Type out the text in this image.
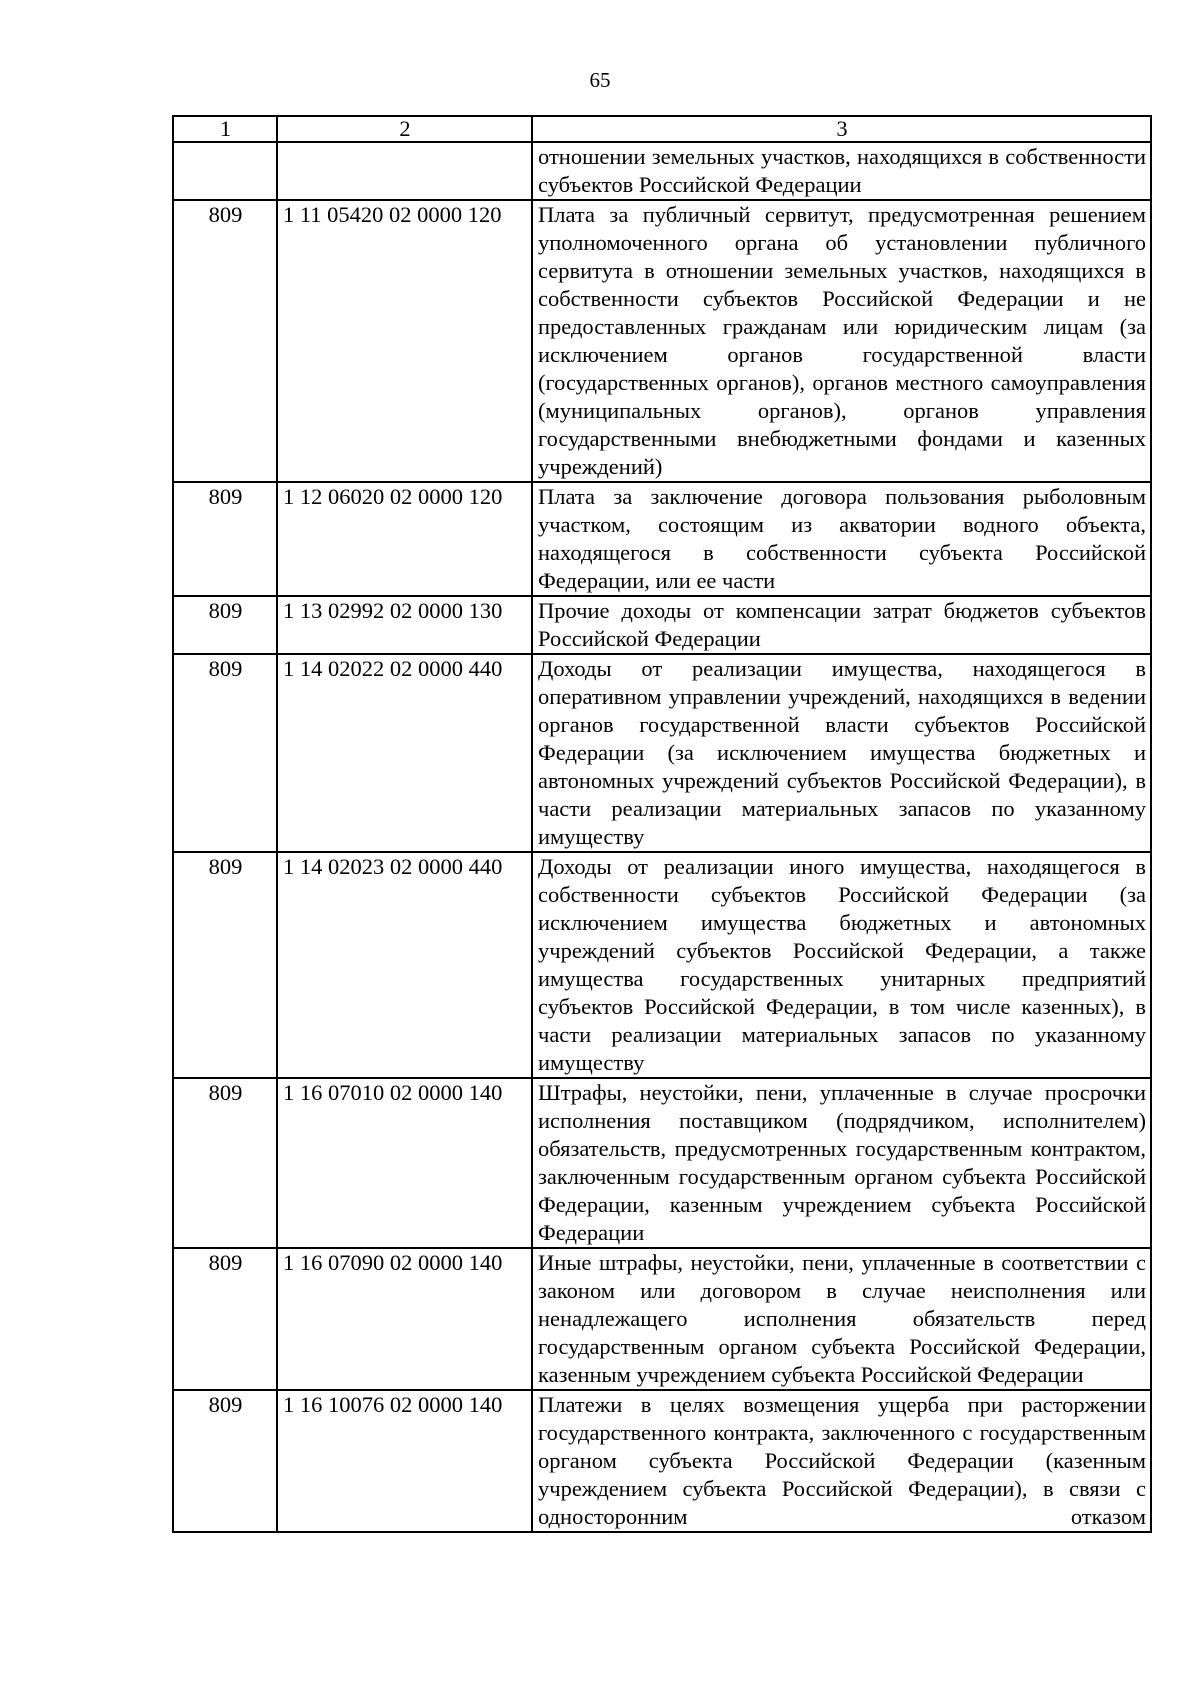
65
1	2	3
		отношении земельных участков, находящихся в собственности субъектов Российской Федерации
809	1 11 05420 02 0000 120	Плата за публичный сервитут, предусмотренная решением уполномоченного органа об установлении публичного сервитута в отношении земельных участков, находящихся в собственности субъектов Российской Федерации и не предоставленных гражданам или юридическим лицам (за исключением органов государственной власти (государственных органов), органов местного самоуправления (муниципальных органов), органов управления государственными внебюджетными фондами и казенных учреждений)
809	1 12 06020 02 0000 120	Плата за заключение договора пользования рыболовным участком, состоящим из акватории водного объекта, находящегося в собственности субъекта Российской Федерации, или ее части
809	1 13 02992 02 0000 130	Прочие доходы от компенсации затрат бюджетов субъектов Российской Федерации
809	1 14 02022 02 0000 440	Доходы от реализации имущества, находящегося в оперативном управлении учреждений, находящихся в ведении органов государственной власти субъектов Российской Федерации (за исключением имущества бюджетных и автономных учреждений субъектов Российской Федерации), в части реализации материальных запасов по указанному имуществу
809	1 14 02023 02 0000 440	Доходы от реализации иного имущества, находящегося в собственности субъектов Российской Федерации (за исключением имущества бюджетных и автономных учреждений субъектов Российской Федерации, а также имущества государственных унитарных предприятий субъектов Российской Федерации, в том числе казенных), в части реализации материальных запасов по указанному имуществу
809	1 16 07010 02 0000 140	Штрафы, неустойки, пени, уплаченные в случае просрочки исполнения поставщиком (подрядчиком, исполнителем) обязательств, предусмотренных государственным контрактом, заключенным государственным органом субъекта Российской Федерации, казенным учреждением субъекта Российской Федерации
809	1 16 07090 02 0000 140	Иные штрафы, неустойки, пени, уплаченные в соответствии с законом или договором в случае неисполнения или ненадлежащего исполнения обязательств перед государственным органом субъекта Российской Федерации, казенным учреждением субъекта Российской Федерации
809	1 16 10076 02 0000 140	Платежи в целях возмещения ущерба при расторжении государственного контракта, заключенного с государственным органом субъекта Российской Федерации (казенным учреждением субъекта Российской Федерации), в связи с односторонним отказом
